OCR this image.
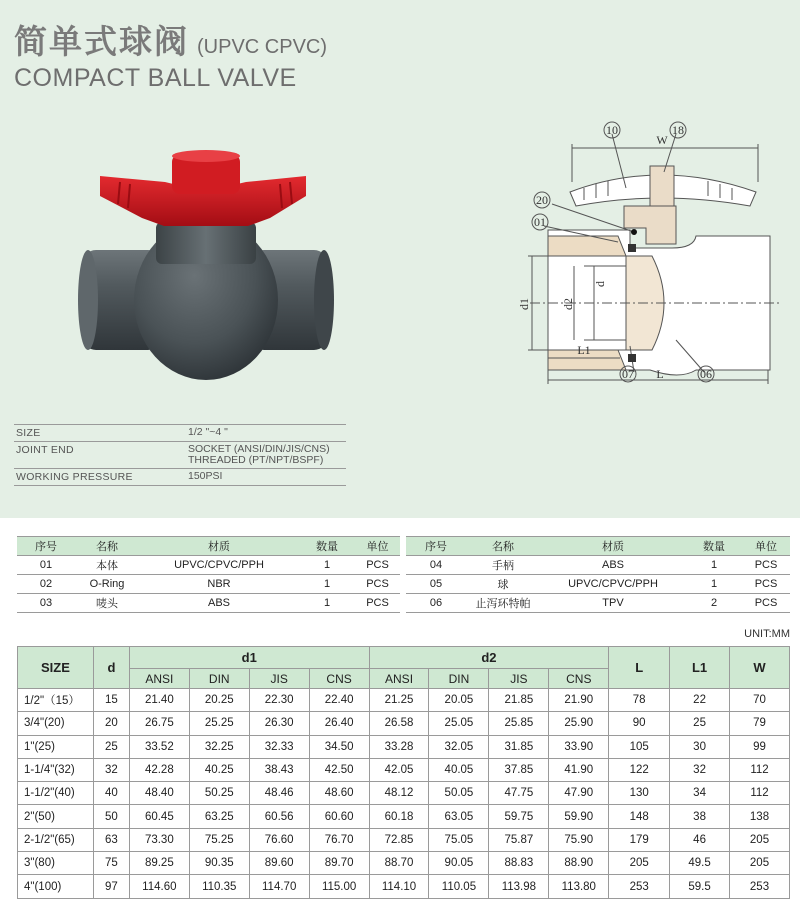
简单式球阀 (UPVC CPVC)
COMPACT BALL VALVE
10	18
W
20
01
d1	d2
d
L1
07 L	06
SIZE	1/2 "~4 "
JOINT END	SOCKET (ANSI/DIN/JIS/CNS)
THREADED (PT/NPT/BSPF)

WORKING PRESSURE	150PSI
序号	名称	材质	数量	单位
01	本体	UPVC/CPVC/PPH	1	PCS
02	O-Ring	NBR	1	PCS
03	唛头	ABS	1	PCS
序号	名称	材质	数量	单位
04	手柄	ABS	1	PCS
05	球	UPVC/CPVC/PPH	1	PCS
06	止泻环特帕	TPV	2	PCS
UNIT:MM
SIZE	d	d1				d2				L	L1	W
		ANSI	DIN	JIS	CNS	ANSI	DIN	JIS	CNS			
1/2"（15）	15	21.40	20.25	22.30	22.40	21.25	20.05	21.85	21.90	78	22	70
3/4"(20)	20	26.75	25.25	26.30	26.40	26.58	25.05	25.85	25.90	90	25	79
1"(25)	25	33.52	32.25	32.33	34.50	33.28	32.05	31.85	33.90	105	30	99
1-1/4"(32)	32	42.28	40.25	38.43	42.50	42.05	40.05	37.85	41.90	122	32	112
1-1/2"(40)	40	48.40	50.25	48.46	48.60	48.12	50.05	47.75	47.90	130	34	112
2"(50)	50	60.45	63.25	60.56	60.60	60.18	63.05	59.75	59.90	148	38	138
2-1/2"(65)	63	73.30	75.25	76.60	76.70	72.85	75.05	75.87	75.90	179	46	205
3"(80)	75	89.25	90.35	89.60	89.70	88.70	90.05	88.83	88.90	205	49.5	205
4"(100)	97	114.60	110.35	114.70	115.00	114.10	110.05	113.98	113.80	253	59.5	253
